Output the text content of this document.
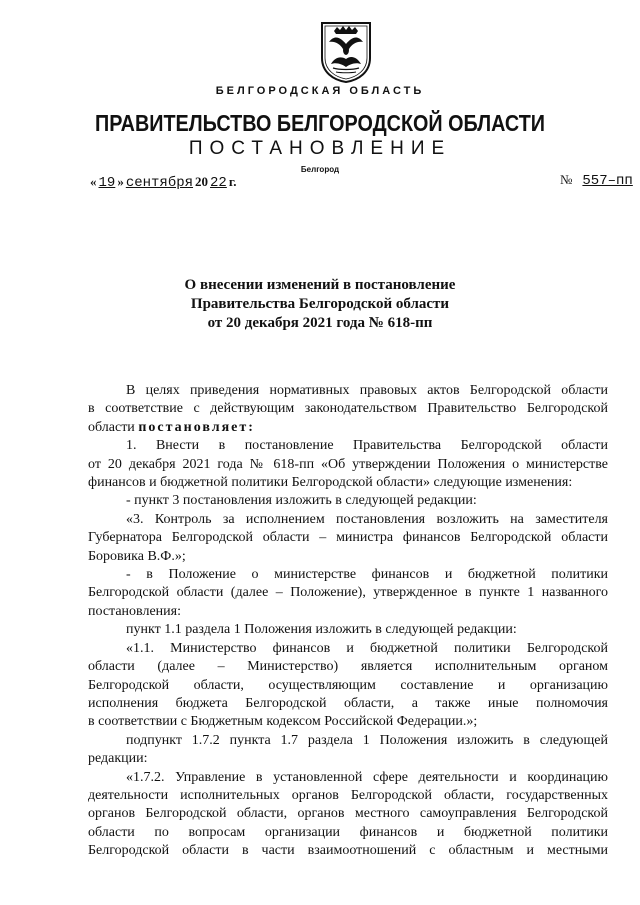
БЕЛГОРОДСКАЯ ОБЛАСТЬ
ПРАВИТЕЛЬСТВО БЕЛГОРОДСКОЙ ОБЛАСТИ
ПОСТАНОВЛЕНИЕ
Белгород
« 19 » сентября 20 22 г.	№ 557–пп
О внесении изменений в постановление
Правительства Белгородской области
от 20 декабря 2021 года № 618-пп

В целях приведения нормативных правовых актов Белгородской области

в соответствие с действующим законодательством Правительство Белгородской

области постановляет:

1. Внести в постановление Правительства Белгородской области

от 20 декабря 2021 года № 618-пп «Об утверждении Положения о министерстве

финансов и бюджетной политики Белгородской области» следующие изменения:

- пункт 3 постановления изложить в следующей редакции:

«3. Контроль за исполнением постановления возложить на заместителя

Губернатора Белгородской области – министра финансов Белгородской области

Боровика В.Ф.»;

- в Положение о министерстве финансов и бюджетной политики

Белгородской области (далее – Положение), утвержденное в пункте 1 названного

постановления:

пункт 1.1 раздела 1 Положения изложить в следующей редакции:

«1.1. Министерство финансов и бюджетной политики Белгородской

области (далее – Министерство) является исполнительным органом

Белгородской области, осуществляющим составление и организацию

исполнения бюджета Белгородской области, а также иные полномочия

в соответствии с Бюджетным кодексом Российской Федерации.»;

подпункт 1.7.2 пункта 1.7 раздела 1 Положения изложить в следующей

редакции:

«1.7.2. Управление в установленной сфере деятельности и координацию

деятельности исполнительных органов Белгородской области, государственных

органов Белгородской области, органов местного самоуправления Белгородской

области по вопросам организации финансов и бюджетной политики

Белгородской области в части взаимоотношений с областным и местными
